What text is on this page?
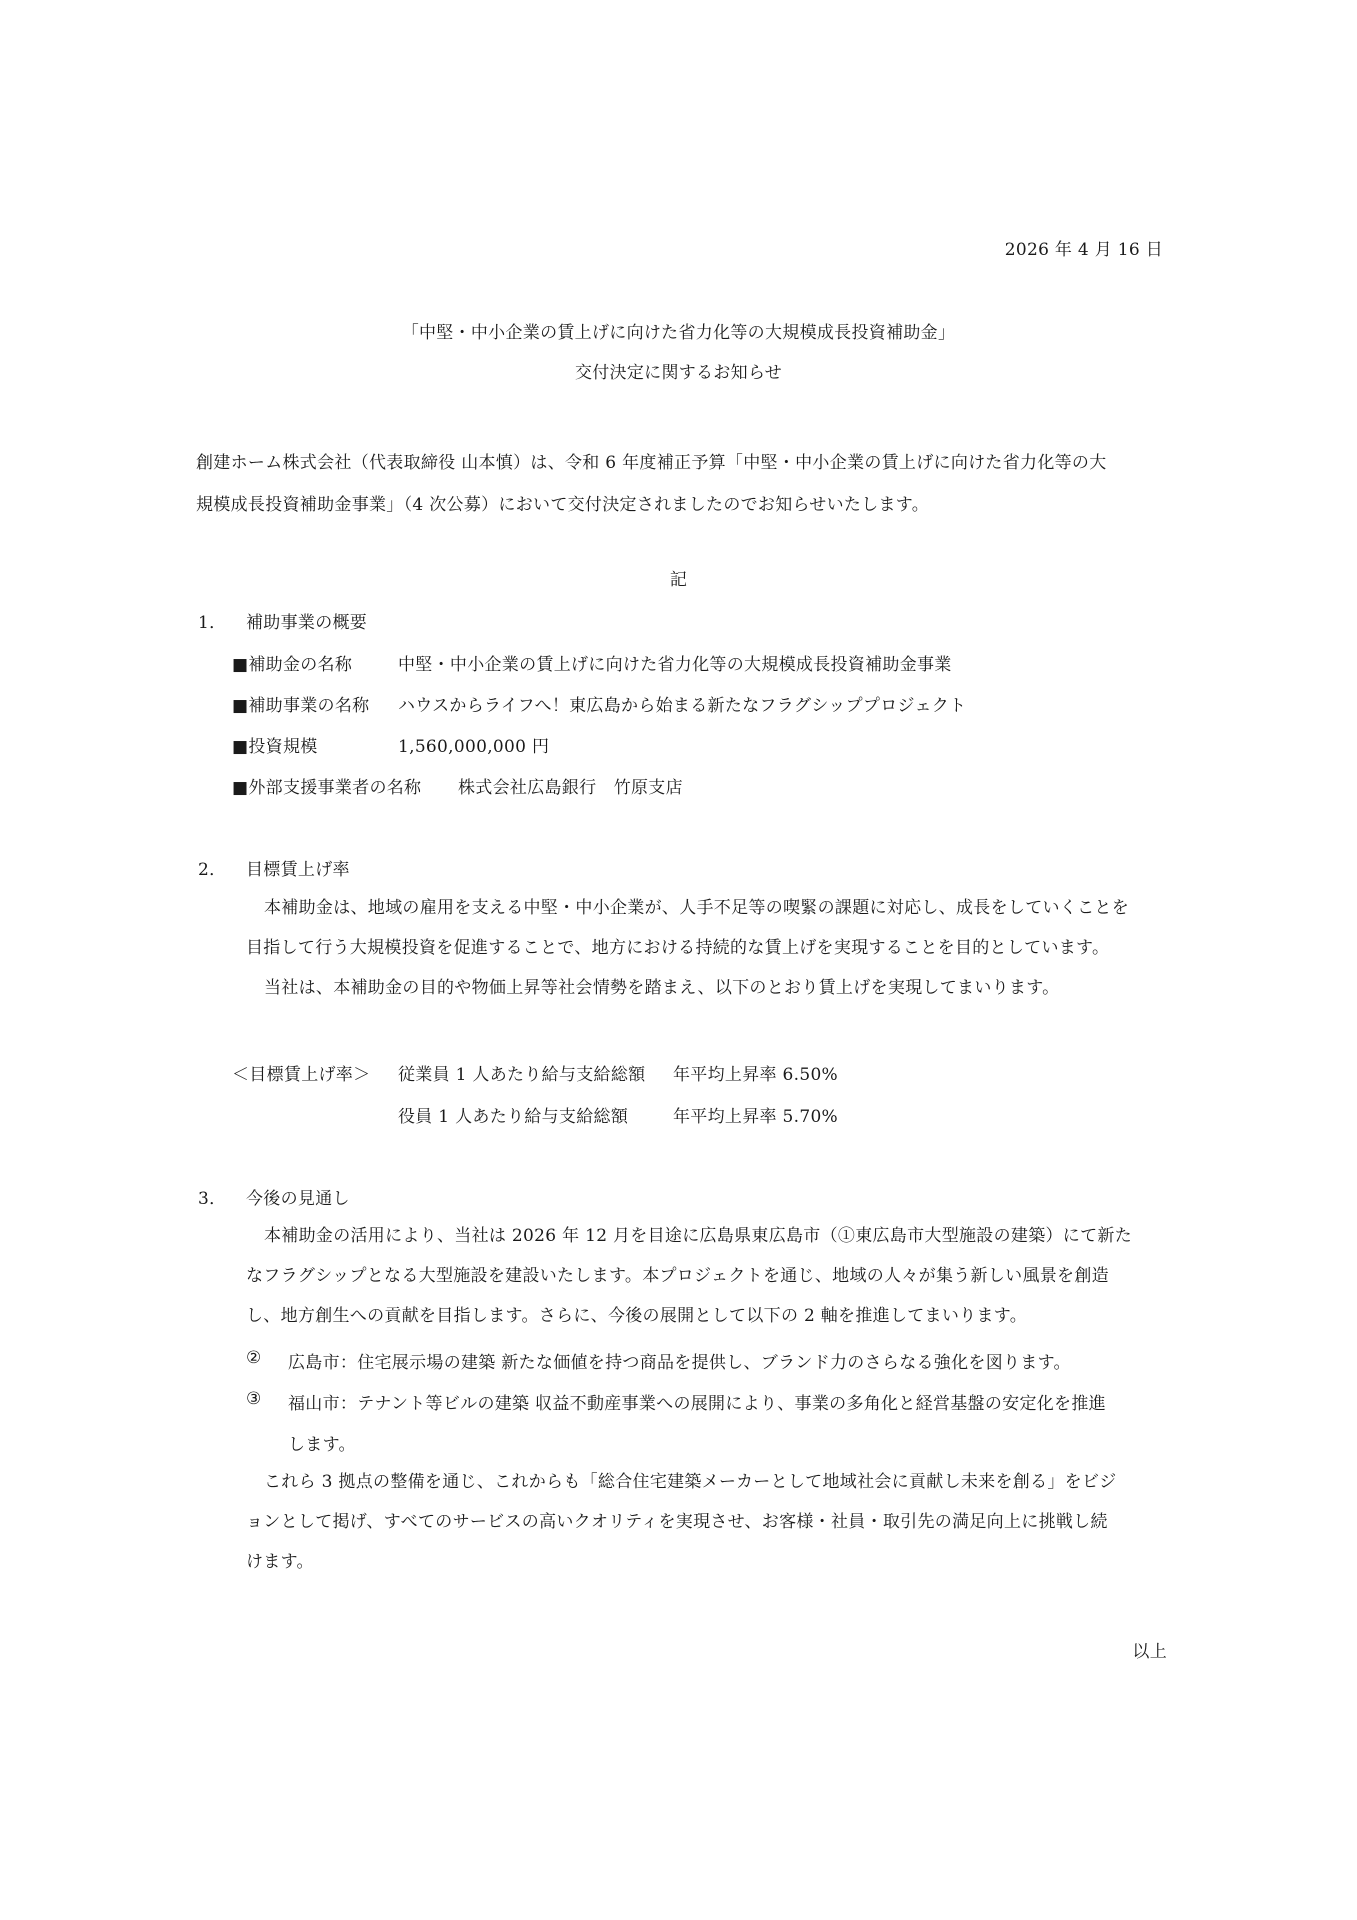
2026 年 4 月 16 日
「中堅・中小企業の賃上げに向けた省力化等の大規模成長投資補助金」
交付決定に関するお知らせ
創建ホーム株式会社（代表取締役 山本慎）は、令和 6 年度補正予算「中堅・中小企業の賃上げに向けた省力化等の大
規模成長投資補助金事業」（4 次公募）において交付決定されましたのでお知らせいたします。
記
1． 補助事業の概要
■補助金の名称	中堅・中小企業の賃上げに向けた省力化等の大規模成長投資補助金事業
■補助事業の名称 ハウスからライフへ！東広島から始まる新たなフラグシッププロジェクト
■投資規模	1,560,000,000 円
■外部支援事業者の名称 株式会社広島銀行　竹原支店
2． 目標賃上げ率
本補助金は、地域の雇用を支える中堅・中小企業が、人手不足等の喫緊の課題に対応し、成長をしていくことを
目指して行う大規模投資を促進することで、地方における持続的な賃上げを実現することを目的としています。
当社は、本補助金の目的や物価上昇等社会情勢を踏まえ、以下のとおり賃上げを実現してまいります。
＜目標賃上げ率＞ 従業員 1 人あたり給与支給総額 年平均上昇率 6.50%
役員 1 人あたり給与支給総額	年平均上昇率 5.70%
3． 今後の見通し
本補助金の活用により、当社は 2026 年 12 月を目途に広島県東広島市（①東広島市大型施設の建築）にて新た
なフラグシップとなる大型施設を建設いたします。本プロジェクトを通じ、地域の人々が集う新しい風景を創造
し、地方創生への貢献を目指します。さらに、今後の展開として以下の 2 軸を推進してまいります。
② 広島市：住宅展示場の建築 新たな価値を持つ商品を提供し、ブランド力のさらなる強化を図ります。
③ 福山市：テナント等ビルの建築 収益不動産事業への展開により、事業の多角化と経営基盤の安定化を推進
します。
これら 3 拠点の整備を通じ、これからも「総合住宅建築メーカーとして地域社会に貢献し未来を創る」をビジ
ョンとして掲げ、すべてのサービスの高いクオリティを実現させ、お客様・社員・取引先の満足向上に挑戦し続
けます。
以上
